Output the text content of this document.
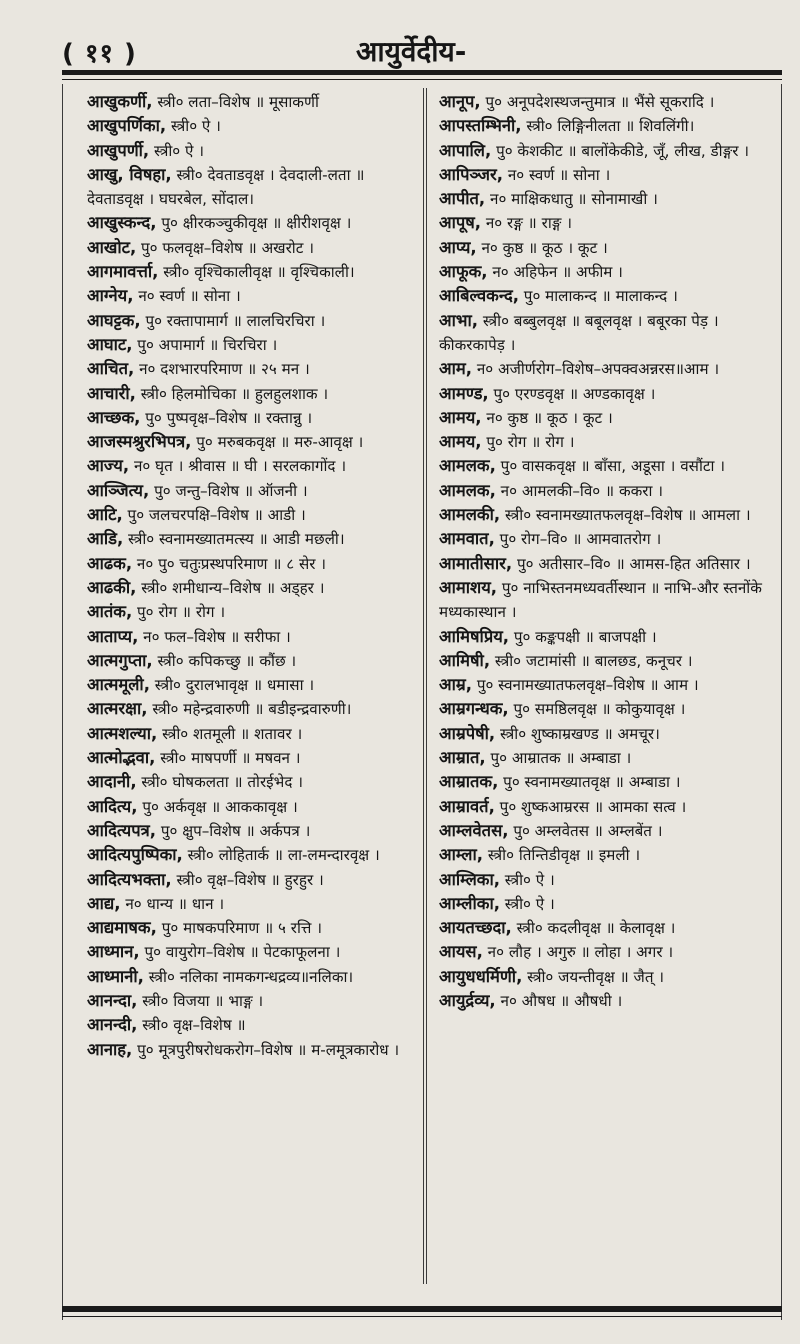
( ११ )	आयुर्वेदीय-

आखुकर्णी, स्त्री० लता–विशेष ॥ मूसाकर्णी

आखुपर्णिका, स्त्री० ऐ ।

आखुपर्णी, स्त्री० ऐ ।

आखु, विषहा, स्त्री० देवताडवृक्ष । देवदाली-लता ॥ देवताडवृक्ष । घघरबेल, सोंदाल।

आखुस्कन्द, पु० क्षीरकञ्चुकीवृक्ष ॥ क्षीरीशवृक्ष ।

आखोट, पु० फलवृक्ष–विशेष ॥ अखरोट ।

आगमावर्त्ता, स्त्री० वृश्चिकालीवृक्ष ॥ वृश्चिकाली।

आग्नेय, न० स्वर्ण ॥ सोना ।

आघट्टक, पु० रक्तापामार्ग ॥ लालचिरचिरा ।

आघाट, पु० अपामार्ग ॥ चिरचिरा ।

आचित, न० दशभारपरिमाण ॥ २५ मन ।

आचारी, स्त्री० हिलमोचिका ॥ हुलहुलशाक ।

आच्छक, पु० पुष्पवृक्ष–विशेष ॥ रक्तान्नु ।

आजस्मश्रुरभिपत्र, पु० मरुबकवृक्ष ॥ मरु-आवृक्ष ।

आज्य, न० घृत । श्रीवास ॥ घी । सरलकागोंद ।

आञ्जित्य, पु० जन्तु–विशेष ॥ ऑजनी ।

आटि, पु० जलचरपक्षि–विशेष ॥ आडी ।

आडि, स्त्री० स्वनामख्यातमत्स्य ॥ आडी मछली।

आढक, न० पु० चतुःप्रस्थपरिमाण ॥ ८ सेर ।

आढकी, स्त्री० शमीधान्य–विशेष ॥ अड्हर ।

आतंक, पु० रोग ॥ रोग ।

आताप्य, न० फल–विशेष ॥ सरीफा ।

आत्मगुप्ता, स्त्री० कपिकच्छु ॥ कौंछ ।

आत्ममूली, स्त्री० दुरालभावृक्ष ॥ धमासा ।

आत्मरक्षा, स्त्री० महेन्द्रवारुणी ॥ बडीइन्द्रवारुणी।

आत्मशल्या, स्त्री० शतमूली ॥ शतावर ।

आत्मोद्भवा, स्त्री० माषपर्णी ॥ मषवन ।

आदानी, स्त्री० घोषकलता ॥ तोरईभेद ।

आदित्य, पु० अर्कवृक्ष ॥ आककावृक्ष ।

आदित्यपत्र, पु० क्षुप–विशेष ॥ अर्कपत्र ।

आदित्यपुष्पिका, स्त्री० लोहितार्क ॥ ला-लमन्दारवृक्ष ।

आदित्यभक्ता, स्त्री० वृक्ष–विशेष ॥ हुरहुर ।

आद्य, न० धान्य ॥ धान ।

आद्यमाषक, पु० माषकपरिमाण ॥ ५ रत्ति ।

आध्मान, पु० वायुरोग–विशेष ॥ पेटकाफूलना ।

आध्मानी, स्त्री० नलिका नामकगन्धद्रव्य॥नलिका।

आनन्दा, स्त्री० विजया ॥ भाङ्ग ।

आनन्दी, स्त्री० वृक्ष–विशेष ॥

आनाह, पु० मूत्रपुरीषरोधकरोग–विशेष ॥ म-लमूत्रकारोध ।

आनूप, पु० अनूपदेशस्थजन्तुमात्र ॥ भैंसे सूकरादि ।

आपस्तम्भिनी, स्त्री० लिङ्गिनीलता ॥ शिवलिंगी।

आपालि, पु० केशकीट ॥ बालोंकेकीडे, जूँ, लीख, डीङ्गर ।

आपिञ्जर, न० स्वर्ण ॥ सोना ।

आपीत, न० माक्षिकधातु ॥ सोनामाखी ।

आपूष, न० रङ्ग ॥ राङ्ग ।

आप्य, न० कुष्ठ ॥ कूठ । कूट ।

आफूक, न० अहिफेन ॥ अफीम ।

आबिल्वकन्द, पु० मालाकन्द ॥ मालाकन्द ।

आभा, स्त्री० बब्बुलवृक्ष ॥ बबूलवृक्ष । बबूरका पेड़ । कीकरकापेड़ ।

आम, न० अजीर्णरोग–विशेष–अपक्वअन्नरस॥आम ।

आमण्ड, पु० एरण्डवृक्ष ॥ अण्डकावृक्ष ।

आमय, न० कुष्ठ ॥ कूठ । कूट ।

आमय, पु० रोग ॥ रोग ।

आमलक, पु० वासकवृक्ष ॥ बाँसा, अडूसा । वसौंटा ।

आमलक, न० आमलकी–वि० ॥ ककरा ।

आमलकी, स्त्री० स्वनामख्यातफलवृक्ष–विशेष ॥ आमला ।

आमवात, पु० रोग–वि० ॥ आमवातरोग ।

आमातीसार, पु० अतीसार–वि० ॥ आमस-हित अतिसार ।

आमाशय, पु० नाभिस्तनमध्यवर्तीस्थान ॥ नाभि-और स्तनोंके मध्यकास्थान ।

आमिषप्रिय, पु० कङ्कपक्षी ॥ बाजपक्षी ।

आमिषी, स्त्री० जटामांसी ॥ बालछड, कनूचर ।

आम्र, पु० स्वनामख्यातफलवृक्ष–विशेष ॥ आम ।

आम्रगन्धक, पु० समष्ठिलवृक्ष ॥ कोकुयावृक्ष ।

आम्रपेषी, स्त्री० शुष्काम्रखण्ड ॥ अमचूर।

आम्रात, पु० आम्रातक ॥ अम्बाडा ।

आम्रातक, पु० स्वनामख्यातवृक्ष ॥ अम्बाडा ।

आम्रावर्त, पु० शुष्कआम्ररस ॥ आमका सत्व ।

आम्लवेतस, पु० अम्लवेतस ॥ अम्लबेंत ।

आम्ला, स्त्री० तिन्तिडीवृक्ष ॥ इमली ।

आम्लिका, स्त्री० ऐ ।

आम्लीका, स्त्री० ऐ ।

आयतच्छदा, स्त्री० कदलीवृक्ष ॥ केलावृक्ष ।

आयस, न० लौह । अगुरु ॥ लोहा । अगर ।

आयुधधर्मिणी, स्त्री० जयन्तीवृक्ष ॥ जैत् ।

आयुर्द्रव्य, न० औषध ॥ औषधी ।
